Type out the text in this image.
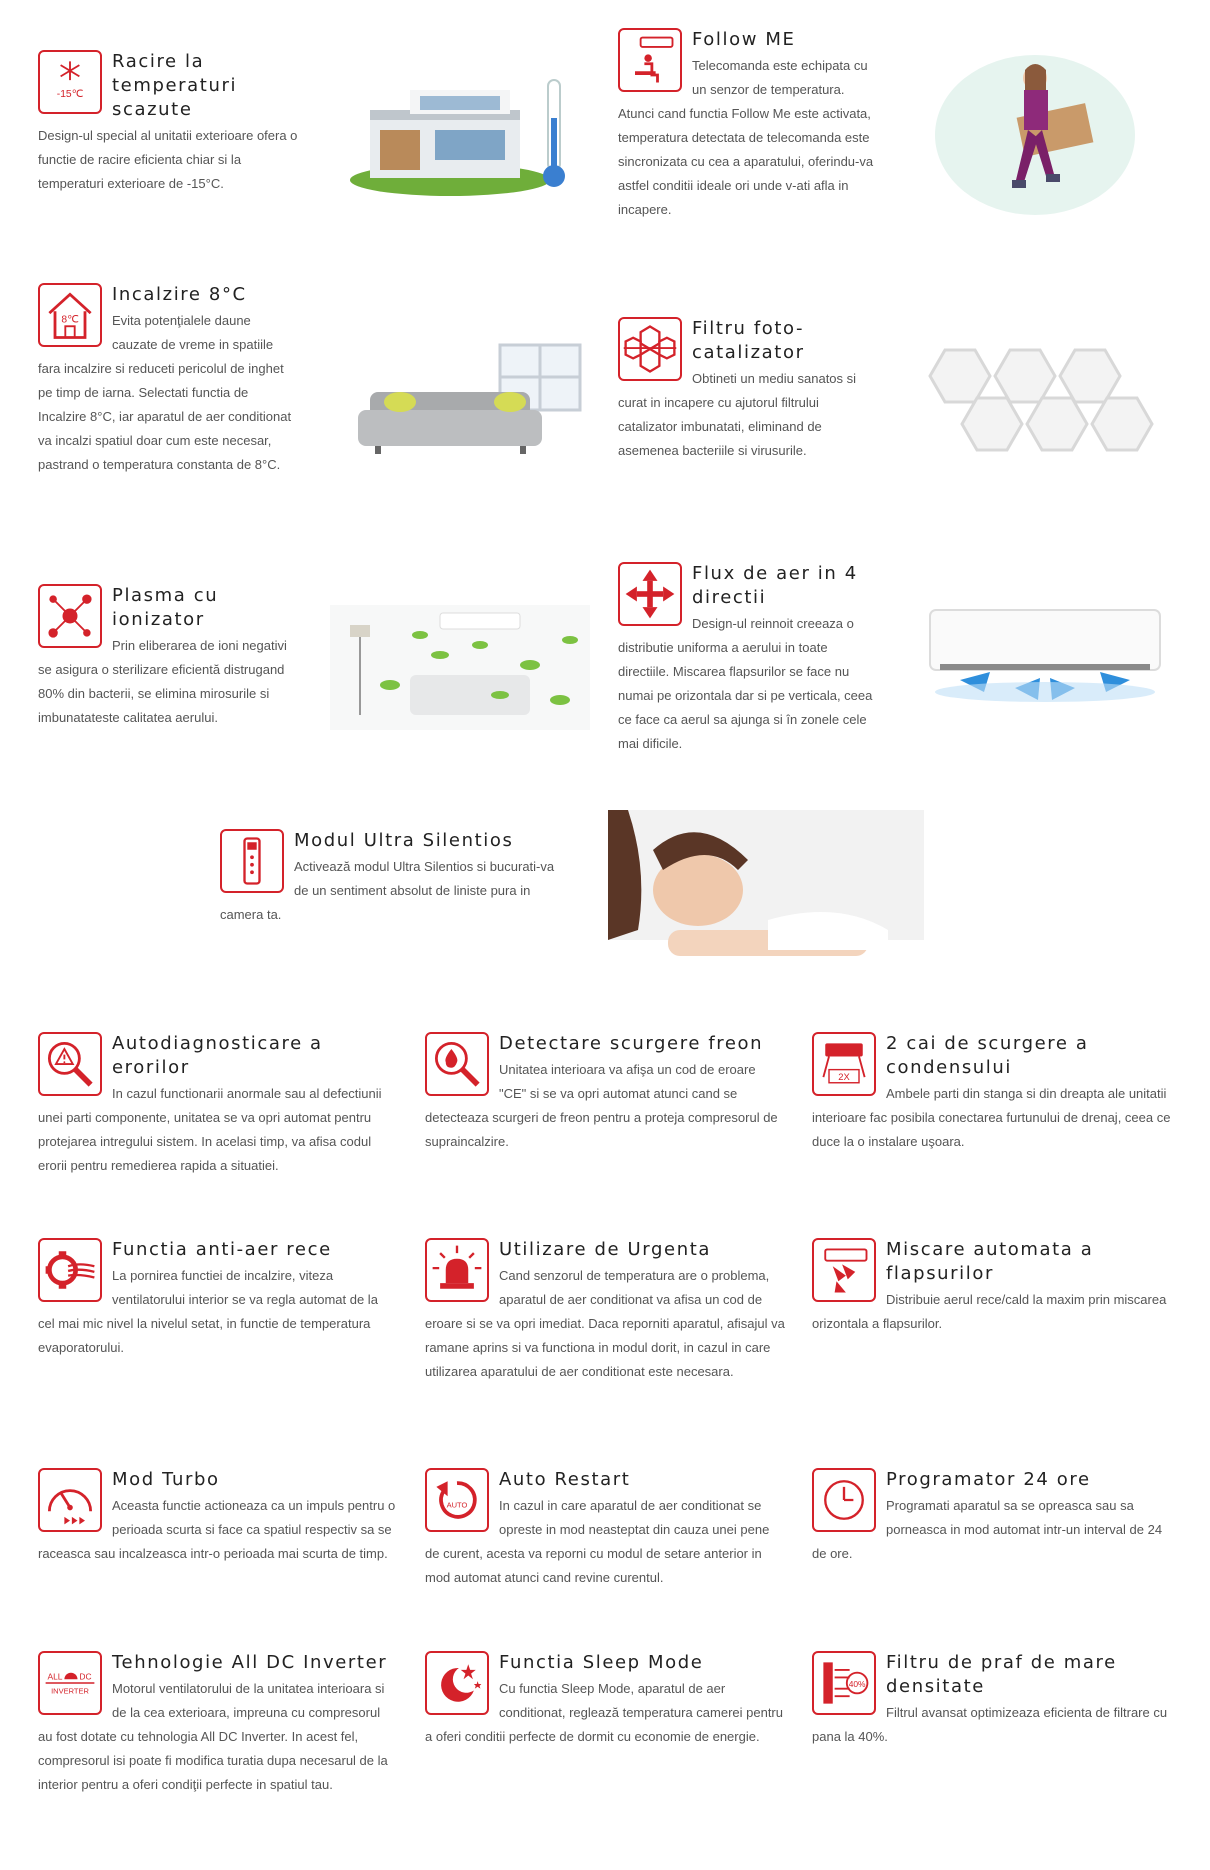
-15℃
Racire la temperaturi scazute
Design-ul special al unitatii exterioare ofera o functie de racire eficienta chiar si la temperaturi exterioare de -15°C.
Follow ME
Telecomanda este echipata cu un senzor de temperatura. Atunci cand functia Follow Me este activata, temperatura detectata de telecomanda este sincronizata cu cea a aparatului, oferindu-va astfel conditii ideale ori unde v-ati afla in incapere.
8℃
Incalzire 8°C
Evita potenţialele daune cauzate de vreme in spatiile fara incalzire si reduceti pericolul de inghet pe timp de iarna. Selectati functia de Incalzire 8°C, iar aparatul de aer conditionat va incalzi spatiul doar cum este necesar, pastrand o temperatura constanta de 8°C.
Filtru foto-catalizator
Obtineti un mediu sanatos si curat in incapere cu ajutorul filtrului catalizator imbunatati, eliminand de asemenea bacteriile si virusurile.
Plasma cu ionizator
Prin eliberarea de ioni negativi se asigura o sterilizare eficientă distrugand 80% din bacterii, se elimina mirosurile si imbunatateste calitatea aerului.
Flux de aer in 4 directii
Design-ul reinnoit creeaza o distributie uniforma a aerului in toate directiile. Miscarea flapsurilor se face nu numai pe orizontala dar si pe verticala, ceea ce face ca aerul sa ajunga si în zonele cele mai dificile.
Modul Ultra Silentios
Activează modul Ultra Silentios si bucurati-va de un sentiment absolut de liniste pura in camera ta.
Autodiagnosticare a erorilor
In cazul functionarii anormale sau al defectiunii unei parti componente, unitatea se va opri automat pentru protejarea intregului sistem. In acelasi timp, va afisa codul erorii pentru remedierea rapida a situatiei.
Detectare scurgere freon
Unitatea interioara va afişa un cod de eroare "CE" si se va opri automat atunci cand se detecteaza scurgeri de freon pentru a proteja compresorul de supraincalzire.
2X
2 cai de scurgere a condensului
Ambele parti din stanga si din dreapta ale unitatii interioare fac posibila conectarea furtunului de drenaj, ceea ce duce la o instalare uşoara.
Functia anti-aer rece
La pornirea functiei de incalzire, viteza ventilatorului interior se va regla automat de la cel mai mic nivel la nivelul setat, in functie de temperatura evaporatorului.
Utilizare de Urgenta
Cand senzorul de temperatura are o problema, aparatul de aer conditionat va afisa un cod de eroare si se va opri imediat. Daca reporniti aparatul, afisajul va ramane aprins si va functiona in modul dorit, in cazul in care utilizarea aparatului de aer conditionat este necesara.
Miscare automata a flapsurilor
Distribuie aerul rece/cald la maxim prin miscarea orizontala a flapsurilor.
Mod Turbo
Aceasta functie actioneaza ca un impuls pentru o perioada scurta si face ca spatiul respectiv sa se raceasca sau incalzeasca intr-o perioada mai scurta de timp.
AUTO
Auto Restart
In cazul in care aparatul de aer conditionat se opreste in mod neasteptat din cauza unei pene de curent, acesta va reporni cu modul de setare anterior in mod automat atunci cand revine curentul.
Programator 24 ore
Programati aparatul sa se opreasca sau sa porneasca in mod automat intr-un interval de 24 de ore.
ALL DC
INVERTER
Tehnologie All DC Inverter
Motorul ventilatorului de la unitatea interioara si de la cea exterioara, impreuna cu compresorul au fost dotate cu tehnologia All DC Inverter. In acest fel, compresorul isi poate fi modifica turatia dupa necesarul de la interior pentru a oferi condiţii perfecte in spatiul tau.
Functia Sleep Mode
Cu functia Sleep Mode, aparatul de aer conditionat, reglează temperatura camerei pentru a oferi conditii perfecte de dormit cu economie de energie.
40%
Filtru de praf de mare densitate
Filtrul avansat optimizeaza eficienta de filtrare cu pana la 40%.
